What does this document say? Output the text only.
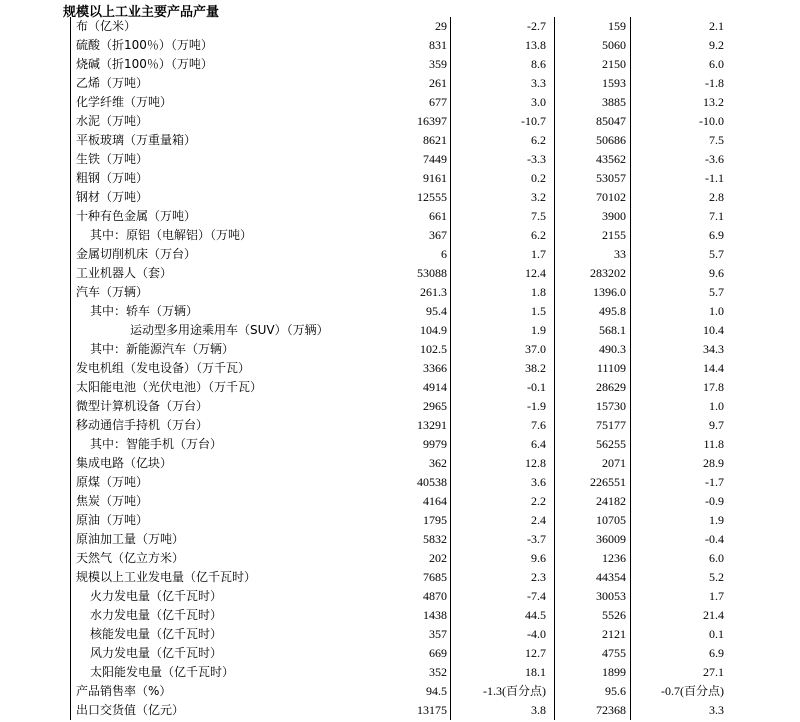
规模以上工业主要产品产量
布（亿米）	29	-2.7	159	2.1
硫酸（折100％）（万吨）	831	13.8	5060	9.2
烧碱（折100％）（万吨）	359	8.6	2150	6.0
乙烯（万吨）	261	3.3	1593	-1.8
化学纤维（万吨）	677	3.0	3885	13.2
水泥（万吨）	16397	-10.7	85047	-10.0
平板玻璃（万重量箱）	8621	6.2	50686	7.5
生铁（万吨）	7449	-3.3	43562	-3.6
粗钢（万吨）	9161	0.2	53057	-1.1
钢材（万吨）	12555	3.2	70102	2.8
十种有色金属（万吨）	661	7.5	3900	7.1
其中：原铝（电解铝）（万吨）	367	6.2	2155	6.9
金属切削机床（万台）	6	1.7	33	5.7
工业机器人（套）	53088	12.4	283202	9.6
汽车（万辆）	261.3	1.8	1396.0	5.7
其中：轿车（万辆）	95.4	1.5	495.8	1.0
运动型多用途乘用车（SUV）（万辆）	104.9	1.9	568.1	10.4
其中：新能源汽车（万辆）	102.5	37.0	490.3	34.3
发电机组（发电设备）（万千瓦）	3366	38.2	11109	14.4
太阳能电池（光伏电池）（万千瓦）	4914	-0.1	28629	17.8
微型计算机设备（万台）	2965	-1.9	15730	1.0
移动通信手持机（万台）	13291	7.6	75177	9.7
其中：智能手机（万台）	9979	6.4	56255	11.8
集成电路（亿块）	362	12.8	2071	28.9
原煤（万吨）	40538	3.6	226551	-1.7
焦炭（万吨）	4164	2.2	24182	-0.9
原油（万吨）	1795	2.4	10705	1.9
原油加工量（万吨）	5832	-3.7	36009	-0.4
天然气（亿立方米）	202	9.6	1236	6.0
规模以上工业发电量（亿千瓦时）	7685	2.3	44354	5.2
火力发电量（亿千瓦时）	4870	-7.4	30053	1.7
水力发电量（亿千瓦时）	1438	44.5	5526	21.4
核能发电量（亿千瓦时）	357	-4.0	2121	0.1
风力发电量（亿千瓦时）	669	12.7	4755	6.9
太阳能发电量（亿千瓦时）	352	18.1	1899	27.1
产品销售率（%）	94.5	-1.3(百分点)	95.6	-0.7(百分点)
出口交货值（亿元）	13175	3.8	72368	3.3
